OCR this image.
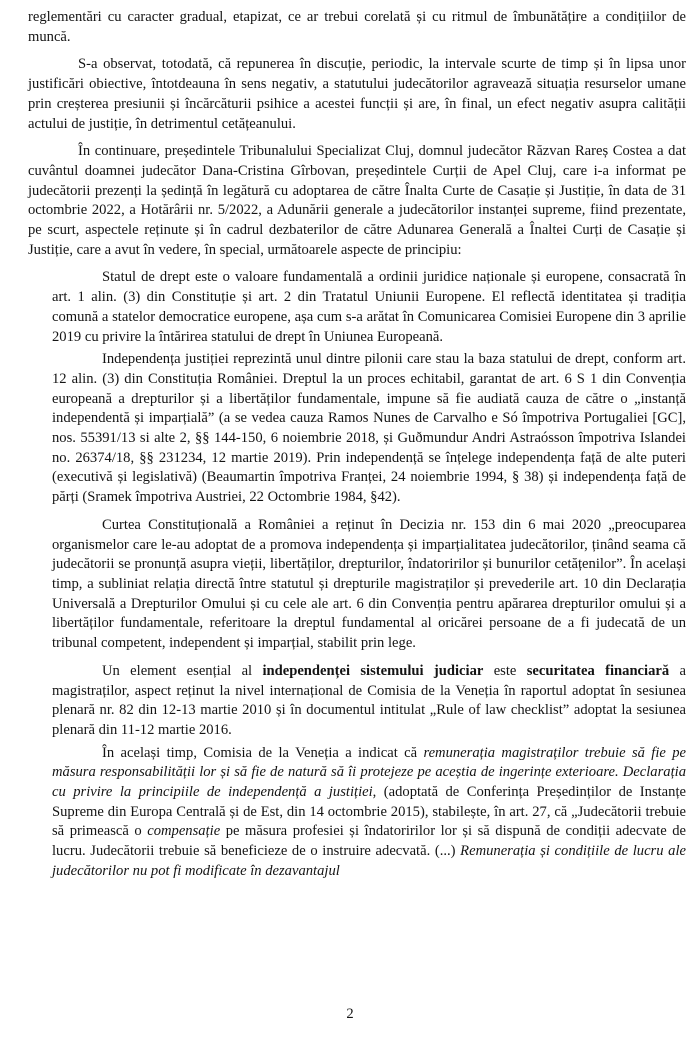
reglementări cu caracter gradual, etapizat, ce ar trebui corelată și cu ritmul de îmbunătățire a condițiilor de muncă.

S-a observat, totodată, că repunerea în discuție, periodic, la intervale scurte de timp și în lipsa unor justificări obiective, întotdeauna în sens negativ, a statutului judecătorilor agravează situația resurselor umane prin creșterea presiunii și încărcăturii psihice a acestei funcții și are, în final, un efect negativ asupra calității actului de justiție, în detrimentul cetățeanului.

În continuare, președintele Tribunalului Specializat Cluj, domnul judecător Răzvan Rareș Costea a dat cuvântul doamnei judecător Dana-Cristina Gîrbovan, președintele Curții de Apel Cluj, care i-a informat pe judecătorii prezenți la ședință în legătură cu adoptarea de către Înalta Curte de Casație și Justiție, în data de 31 octombrie 2022, a Hotărârii nr. 5/2022, a Adunării generale a judecătorilor instanței supreme, fiind prezentate, pe scurt, aspectele reținute și în cadrul dezbaterilor de către Adunarea Generală a Înaltei Curți de Casație și Justiție, care a avut în vedere, în special, următoarele aspecte de principiu:

Statul de drept este o valoare fundamentală a ordinii juridice naționale și europene, consacrată în art. 1 alin. (3) din Constituție și art. 2 din Tratatul Uniunii Europene. El reflectă identitatea și tradiția comună a statelor democratice europene, așa cum s-a arătat în Comunicarea Comisiei Europene din 3 aprilie 2019 cu privire la întărirea statului de drept în Uniunea Europeană.

Independența justiției reprezintă unul dintre pilonii care stau la baza statului de drept, conform art. 12 alin. (3) din Constituția României. Dreptul la un proces echitabil, garantat de art. 6 S 1 din Convenția europeană a drepturilor și a libertăților fundamentale, impune să fie audiată cauza de către o „instanță independentă și imparțială” (a se vedea cauza Ramos Nunes de Carvalho e Só împotriva Portugaliei [GC], nos. 55391/13 si alte 2, §§ 144-150, 6 noiembrie 2018, și Guðmundur Andri Astraósson împotriva Islandei no. 26374/18, §§ 231234, 12 martie 2019). Prin independență se înțelege independența față de alte puteri (executivă și legislativă) (Beaumartin împotriva Franței, 24 noiembrie 1994, § 38) și independența față de părți (Sramek împotriva Austriei, 22 Octombrie 1984, §42).

Curtea Constituțională a României a reținut în Decizia nr. 153 din 6 mai 2020 „preocuparea organismelor care le-au adoptat de a promova independența și imparțialitatea judecătorilor, ținând seama că judecătorii se pronunță asupra vieții, libertăților, drepturilor, îndatoririlor și bunurilor cetățenilor”. În același timp, a subliniat relația directă între statutul și drepturile magistraților și prevederile art. 10 din Declarația Universală a Drepturilor Omului și cu cele ale art. 6 din Convenția pentru apărarea drepturilor omului și a libertăților fundamentale, referitoare la dreptul fundamental al oricărei persoane de a fi judecată de un tribunal competent, independent și imparțial, stabilit prin lege.

Un element esențial al independenței sistemului judiciar este securitatea financiară a magistraților, aspect reținut la nivel internațional de Comisia de la Veneția în raportul adoptat în sesiunea plenară nr. 82 din 12-13 martie 2010 și în documentul intitulat „Rule of law checklist” adoptat la sesiunea plenară din 11-12 martie 2016.

În același timp, Comisia de la Veneția a indicat că remunerația magistraților trebuie să fie pe măsura responsabilității lor și să fie de natură să îi protejeze pe aceștia de ingerințe exterioare. Declarația cu privire la principiile de independență a justiției, (adoptată de Conferința Președinților de Instanțe Supreme din Europa Centrală și de Est, din 14 octombrie 2015), stabilește, în art. 27, că „Judecătorii trebuie să primească o compensație pe măsura profesiei și îndatoririlor lor și să dispună de condiții adecvate de lucru. Judecătorii trebuie să beneficieze de o instruire adecvată. (...) Remunerația și condițiile de lucru ale judecătorilor nu pot fi modificate în dezavantajul

2
